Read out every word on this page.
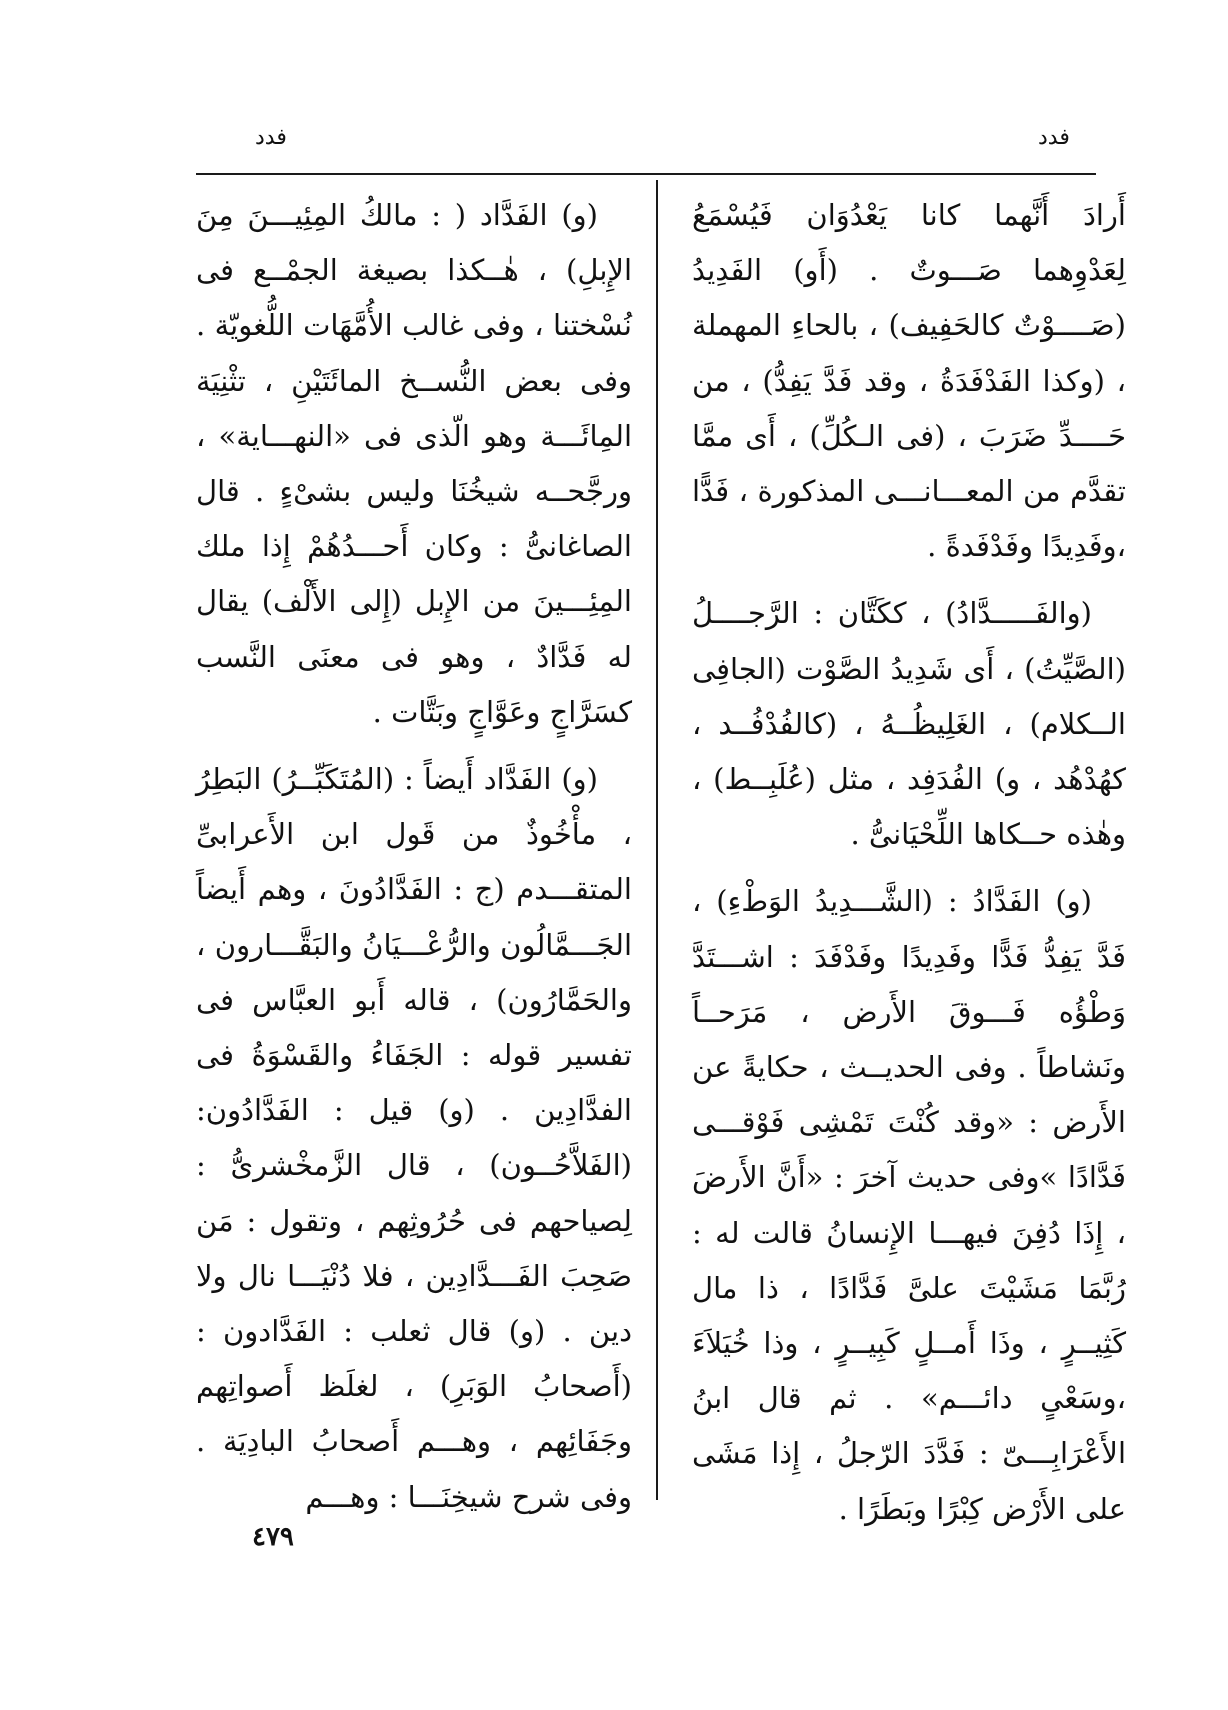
فدد	فدد

أَرادَ أَنَّهما كانا يَعْدُوَان فَيُسْمَعُ لِعَدْوِهما صَـــوتٌ . (أَو) الفَدِيدُ (صَــــوْتٌ كالحَفِيف) ، بالحاءِ المهملة ، (وكذا الفَدْفَدَةُ ، وقد فَدَّ يَفِدُّ) ، من حَــــدِّ ضَرَبَ ، (فى الـكُلِّ) ، أَى ممَّا تقدَّم من المعـــانـــى المذكورة ، فَدًّا ،وفَدِيدًا وفَدْفَدةً .

(والفَـــــدَّادُ) ، ككَتَّان : الرَّجــــلُ (الصَّيِّتُ) ، أَى شَدِيدُ الصَّوْت (الجافِى الــكلام) ، الغَلِيظُــهُ ، (كالفُدْفُــد ، كهُدْهُد ، و) الفُدَفِد ، مثل (عُلَبِــط) ، وهٰذه حــكاها اللِّحْيَانىُّ .

(و) الفَدَّادُ : (الشَّـــدِيدُ الوَطْءِ) ، فَدَّ يَفِدُّ فَدًّا وفَدِيدًا وفَدْفَدَ : اشـــتَدَّ وَطْؤُه فَـــوقَ الأَرض ، مَرَحــاً ونَشاطاً . وفى الحديــث ، حكايةً عن الأَرض : «وقد كُنْتَ تَمْشِى فَوْقـــى فَدَّادًا »وفى حديث آخرَ : «أَنَّ الأَرضَ ، إِذَا دُفِنَ فيهـــا الإِنسانُ قالت له : رُبَّمَا مَشَيْتَ علىَّ فَدَّادًا ، ذا مال كَثِيــرٍ ، وذَا أَمــلٍ كَبِيــرٍ ، وذا خُيَلاَءَ ،وسَعْىٍ دائـــم» . ثم قال ابنُ الأَعْرَابِـــىّ : فَدَّدَ الرّجلُ ، إِذا مَشَى على الأَرْض كِبْرًا وبَطَرًا .

(و) الفَدَّاد ( : مالكُ المِئِيـــنَ مِنَ الإِبلِ) ، هٰــكذا بصيغة الجمْــع فى نُسْختنا ، وفى غالب الأُمَّهَات اللُّغويّة . وفى بعض النُّســخ المائَتَيْنِ ، تثْنِيَة المِائَـــة وهو الّذى فى «النهـــاية» ، ورجَّحــه شيخُنَا وليس بشىْءٍ . قال الصاغانىُّ : وكان أَحـــدُهُمْ إِذا ملك المِئِـــينَ من الإِبل (إِلى الأَلْف) يقال له فَدَّادٌ ، وهو فى معنَى النَّسب كسَرَّاجٍ وعَوَّاجٍ وبَتَّات .

(و) الفَدَّاد أَيضاً : (المُتَكَبِّــرُ) البَطِرُ ، مأْخُوذٌ من قَول ابن الأَعرابىِّ المتقـــدم (ج : الفَدَّادُونَ ، وهم أَيضاً الجَـــمَّالُون والرُّعْـــيَانُ والبَقَّـــارون ، والحَمَّارُون) ، قاله أَبو العبَّاس فى تفسير قوله : الجَفَاءُ والقَسْوَةُ فى الفدَّادِين . (و) قيل : الفَدَّادُون: (الفَلاَّحُــون) ، قال الزَّمخْشرىُّ : لِصياحهم فى حُرُوثِهم ، وتقول : مَن صَحِبَ الفَـــدَّادِين ، فلا دُنْيَـــا نال ولا دين . (و) قال ثعلب : الفَدَّادون : (أَصحابُ الوَبَرِ) ، لغلَظ أَصواتِهم وجَفَائِهم ، وهـــم أَصحابُ البادِيَة . وفى شرح شيخِنَـــا : وهـــم

٤٧٩
